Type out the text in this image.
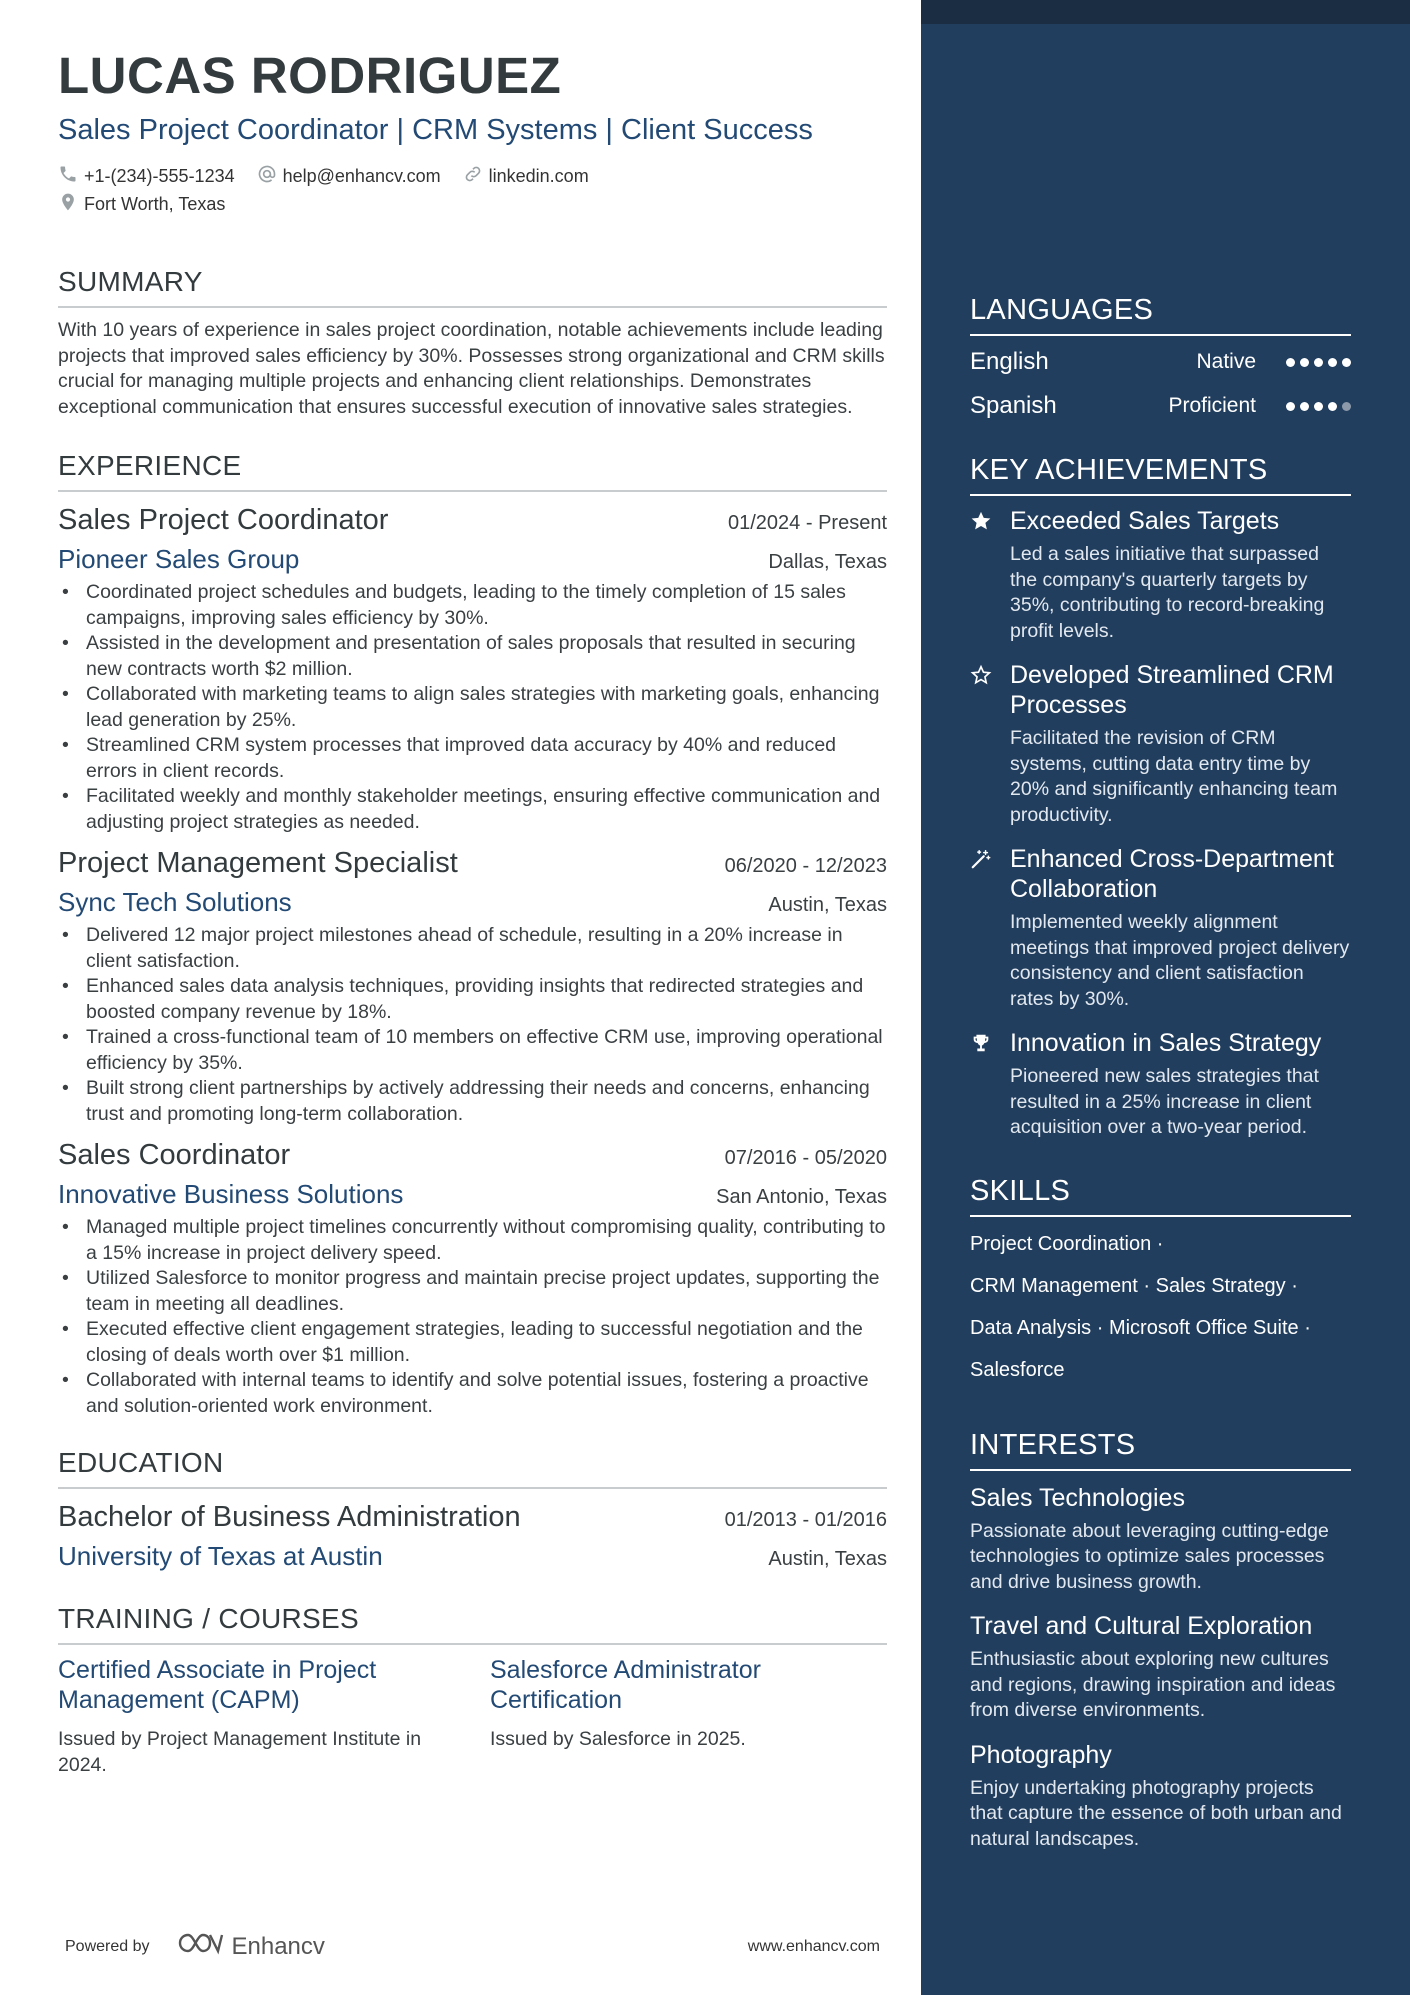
LUCAS RODRIGUEZ
Sales Project Coordinator | CRM Systems | Client Success
+1-(234)-555-1234	help@enhancv.com	linkedin.com
Fort Worth, Texas
SUMMARY
With 10 years of experience in sales project coordination, notable achievements include leading projects that improved sales efficiency by 30%. Possesses strong organizational and CRM skills crucial for managing multiple projects and enhancing client relationships. Demonstrates exceptional communication that ensures successful execution of innovative sales strategies.
EXPERIENCE
Sales Project Coordinator	01/2024 - Present
Pioneer Sales Group	Dallas, Texas
• Coordinated project schedules and budgets, leading to the timely completion of 15 sales campaigns, improving sales efficiency by 30%.
• Assisted in the development and presentation of sales proposals that resulted in securing new contracts worth $2 million.
• Collaborated with marketing teams to align sales strategies with marketing goals, enhancing lead generation by 25%.
• Streamlined CRM system processes that improved data accuracy by 40% and reduced errors in client records.
• Facilitated weekly and monthly stakeholder meetings, ensuring effective communication and adjusting project strategies as needed.
Project Management Specialist	06/2020 - 12/2023
Sync Tech Solutions	Austin, Texas
• Delivered 12 major project milestones ahead of schedule, resulting in a 20% increase in client satisfaction.
• Enhanced sales data analysis techniques, providing insights that redirected strategies and boosted company revenue by 18%.
• Trained a cross-functional team of 10 members on effective CRM use, improving operational efficiency by 35%.
• Built strong client partnerships by actively addressing their needs and concerns, enhancing trust and promoting long-term collaboration.
Sales Coordinator	07/2016 - 05/2020
Innovative Business Solutions	San Antonio, Texas
• Managed multiple project timelines concurrently without compromising quality, contributing to a 15% increase in project delivery speed.
• Utilized Salesforce to monitor progress and maintain precise project updates, supporting the team in meeting all deadlines.
• Executed effective client engagement strategies, leading to successful negotiation and the closing of deals worth over $1 million.
• Collaborated with internal teams to identify and solve potential issues, fostering a proactive and solution-oriented work environment.
EDUCATION
Bachelor of Business Administration	01/2013 - 01/2016
University of Texas at Austin	Austin, Texas
TRAINING / COURSES
Certified Associate in Project Management (CAPM)
Issued by Project Management Institute in 2024.
Salesforce Administrator Certification
Issued by Salesforce in 2025.
Powered by	Enhancv	www.enhancv.com
LANGUAGES
English	Native
Spanish	Proficient
KEY ACHIEVEMENTS
Exceeded Sales Targets
Led a sales initiative that surpassed the company's quarterly targets by 35%, contributing to record-breaking profit levels.
Developed Streamlined CRM Processes
Facilitated the revision of CRM systems, cutting data entry time by 20% and significantly enhancing team productivity.
Enhanced Cross-Department Collaboration
Implemented weekly alignment meetings that improved project delivery consistency and client satisfaction rates by 30%.
Innovation in Sales Strategy
Pioneered new sales strategies that resulted in a 25% increase in client acquisition over a two-year period.
SKILLS
Project Coordination ·
CRM Management · Sales Strategy ·
Data Analysis · Microsoft Office Suite ·
Salesforce
INTERESTS
Sales Technologies
Passionate about leveraging cutting-edge technologies to optimize sales processes and drive business growth.
Travel and Cultural Exploration
Enthusiastic about exploring new cultures and regions, drawing inspiration and ideas from diverse environments.
Photography
Enjoy undertaking photography projects that capture the essence of both urban and natural landscapes.
